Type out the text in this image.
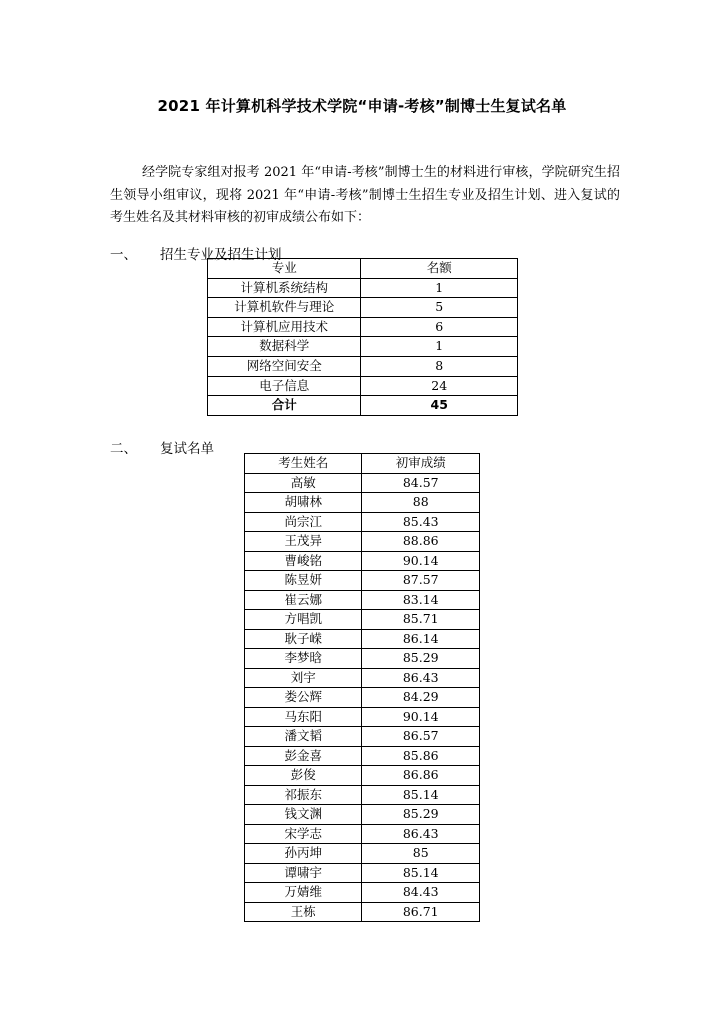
2021 年计算机科学技术学院“申请-考核”制博士生复试名单
经学院专家组对报考 2021 年“申请-考核”制博士生的材料进行审核，学院研究生招生领导小组审议，现将 2021 年“申请-考核”制博士生招生专业及招生计划、进入复试的考生姓名及其材料审核的初审成绩公布如下：
一、 招生专业及招生计划
专业	名额
计算机系统结构	1
计算机软件与理论	5
计算机应用技术	6
数据科学	1
网络空间安全	8
电子信息	24
合计	45
二、 复试名单
考生姓名	初审成绩
高敏	84.57
胡啸林	88
尚宗江	85.43
王茂异	88.86
曹峻铭	90.14
陈昱妍	87.57
崔云娜	83.14
方唱凯	85.71
耿子嵘	86.14
李梦晗	85.29
刘宇	86.43
娄公辉	84.29
马东阳	90.14
潘文韬	86.57
彭金喜	85.86
彭俊	86.86
祁振东	85.14
钱文渊	85.29
宋学志	86.43
孙丙坤	85
谭啸宇	85.14
万婧维	84.43
王栋	86.71
